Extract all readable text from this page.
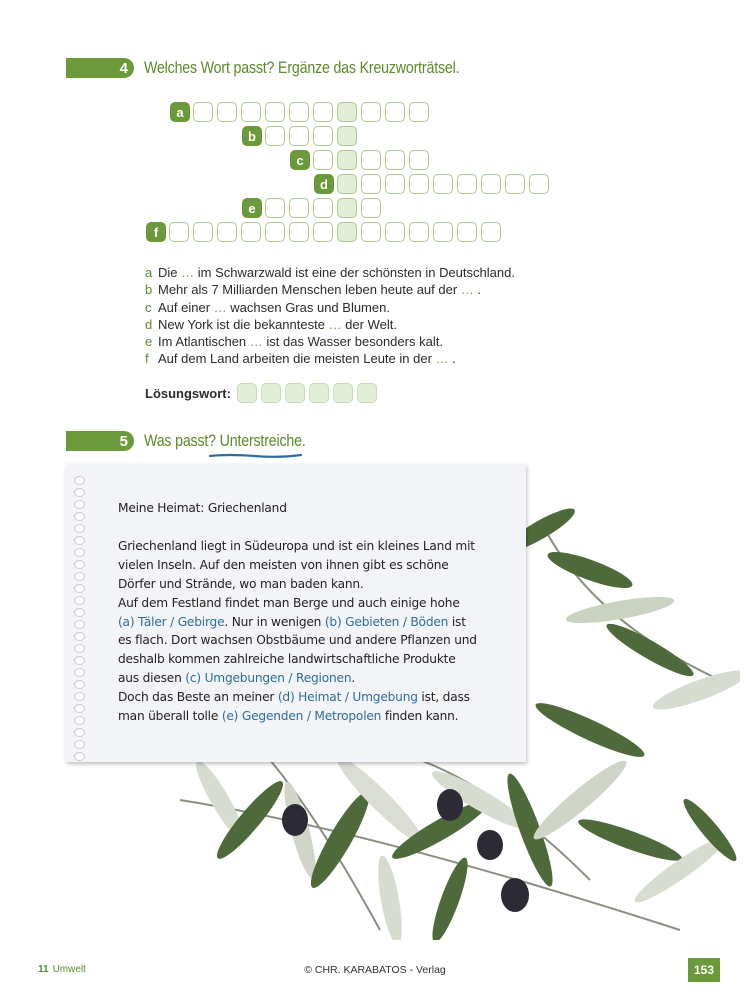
4 Welches Wort passt? Ergänze das Kreuzworträtsel.
a
b
c
d
e
f
a Die … im Schwarzwald ist eine der schönsten in Deutschland.
b Mehr als 7 Milliarden Menschen leben heute auf der … .
c Auf einer … wachsen Gras und Blumen.
d New York ist die bekannteste … der Welt.
e Im Atlantischen … ist das Wasser besonders kalt.
f Auf dem Land arbeiten die meisten Leute in der … .
Lösungswort:
5 Was passt? Unterstreiche.

Meine Heimat: Griechenland

Griechenland liegt in Südeuropa und ist ein kleines Land mit

vielen Inseln. Auf den meisten von ihnen gibt es schöne

Dörfer und Strände, wo man baden kann.

Auf dem Festland findet man Berge und auch einige hohe

(a) Täler / Gebirge. Nur in wenigen (b) Gebieten / Böden ist

es flach. Dort wachsen Obstbäume und andere Pflanzen und

deshalb kommen zahlreiche landwirtschaftliche Produkte

aus diesen (c) Umgebungen / Regionen.

Doch das Beste an meiner (d) Heimat / Umgebung ist, dass

man überall tolle (e) Gegenden / Metropolen finden kann.

11 Umwelt	© CHR. KARABATOS - Verlag	153
